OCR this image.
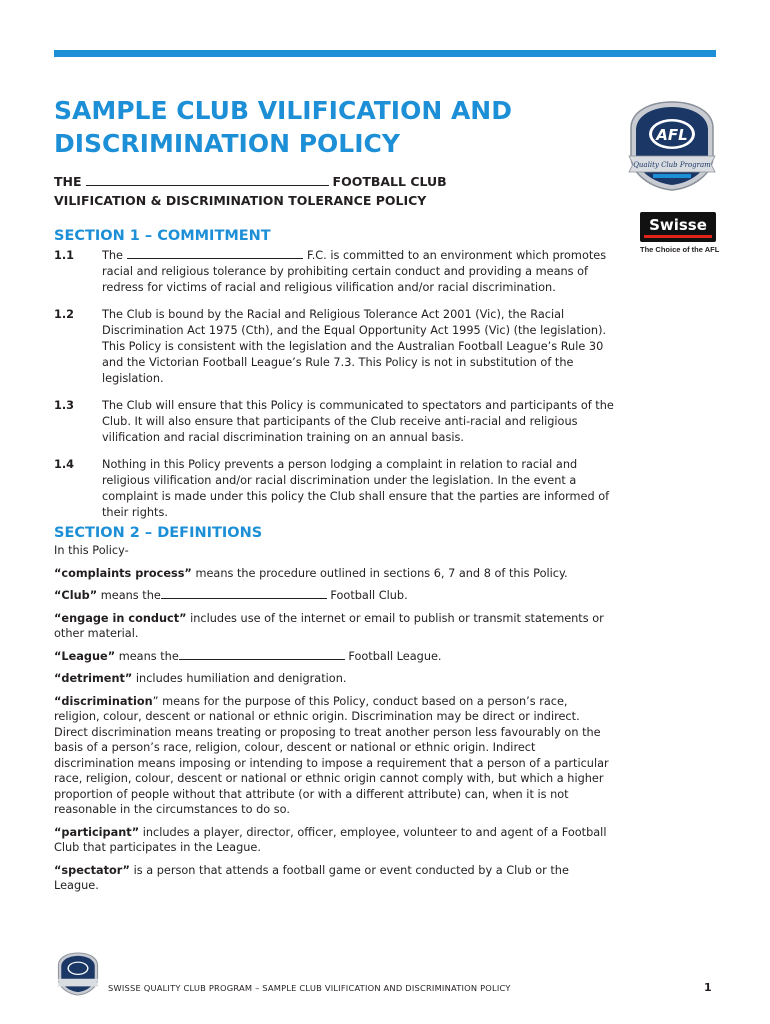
SAMPLE CLUB VILIFICATION AND
DISCRIMINATION POLICY
THE	FOOTBALL CLUB
VILIFICATION & DISCRIMINATION TOLERANCE POLICY
AFL
Quality Club Program
Swisse
The Choice of the AFL
SECTION 1 – COMMITMENT
1.1	The	F.C. is committed to an environment which promotes racial and religious tolerance by prohibiting certain conduct and providing a means of redress for victims of racial and religious vilification and/or racial discrimination.
1.2	The Club is bound by the Racial and Religious Tolerance Act 2001 (Vic), the Racial Discrimination Act 1975 (Cth), and the Equal Opportunity Act 1995 (Vic) (the legislation). This Policy is consistent with the legislation and the Australian Football League’s Rule 30 and the Victorian Football League’s Rule 7.3. This Policy is not in substitution of the legislation.
1.3	The Club will ensure that this Policy is communicated to spectators and participants of the Club. It will also ensure that participants of the Club receive anti-racial and religious vilification and racial discrimination training on an annual basis.
1.4	Nothing in this Policy prevents a person lodging a complaint in relation to racial and religious vilification and/or racial discrimination under the legislation. In the event a complaint is made under this policy the Club shall ensure that the parties are informed of their rights.
SECTION 2 – DEFINITIONS
In this Policy-
“complaints process” means the procedure outlined in sections 6, 7 and 8 of this Policy.
“Club” means the	Football Club.
“engage in conduct” includes use of the internet or email to publish or transmit statements or other material.
“League” means the	Football League.
“detriment” includes humiliation and denigration.
“discrimination” means for the purpose of this Policy, conduct based on a person’s race, religion, colour, descent or national or ethnic origin. Discrimination may be direct or indirect. Direct discrimination means treating or proposing to treat another person less favourably on the basis of a person’s race, religion, colour, descent or national or ethnic origin. Indirect discrimination means imposing or intending to impose a requirement that a person of a particular race, religion, colour, descent or national or ethnic origin cannot comply with, but which a higher proportion of people without that attribute (or with a different attribute) can, when it is not reasonable in the circumstances to do so.
“participant” includes a player, director, officer, employee, volunteer to and agent of a Football Club that participates in the League.
“spectator” is a person that attends a football game or event conducted by a Club or the League.
SWISSE QUALITY CLUB PROGRAM – SAMPLE CLUB VILIFICATION AND DISCRIMINATION POLICY	1
